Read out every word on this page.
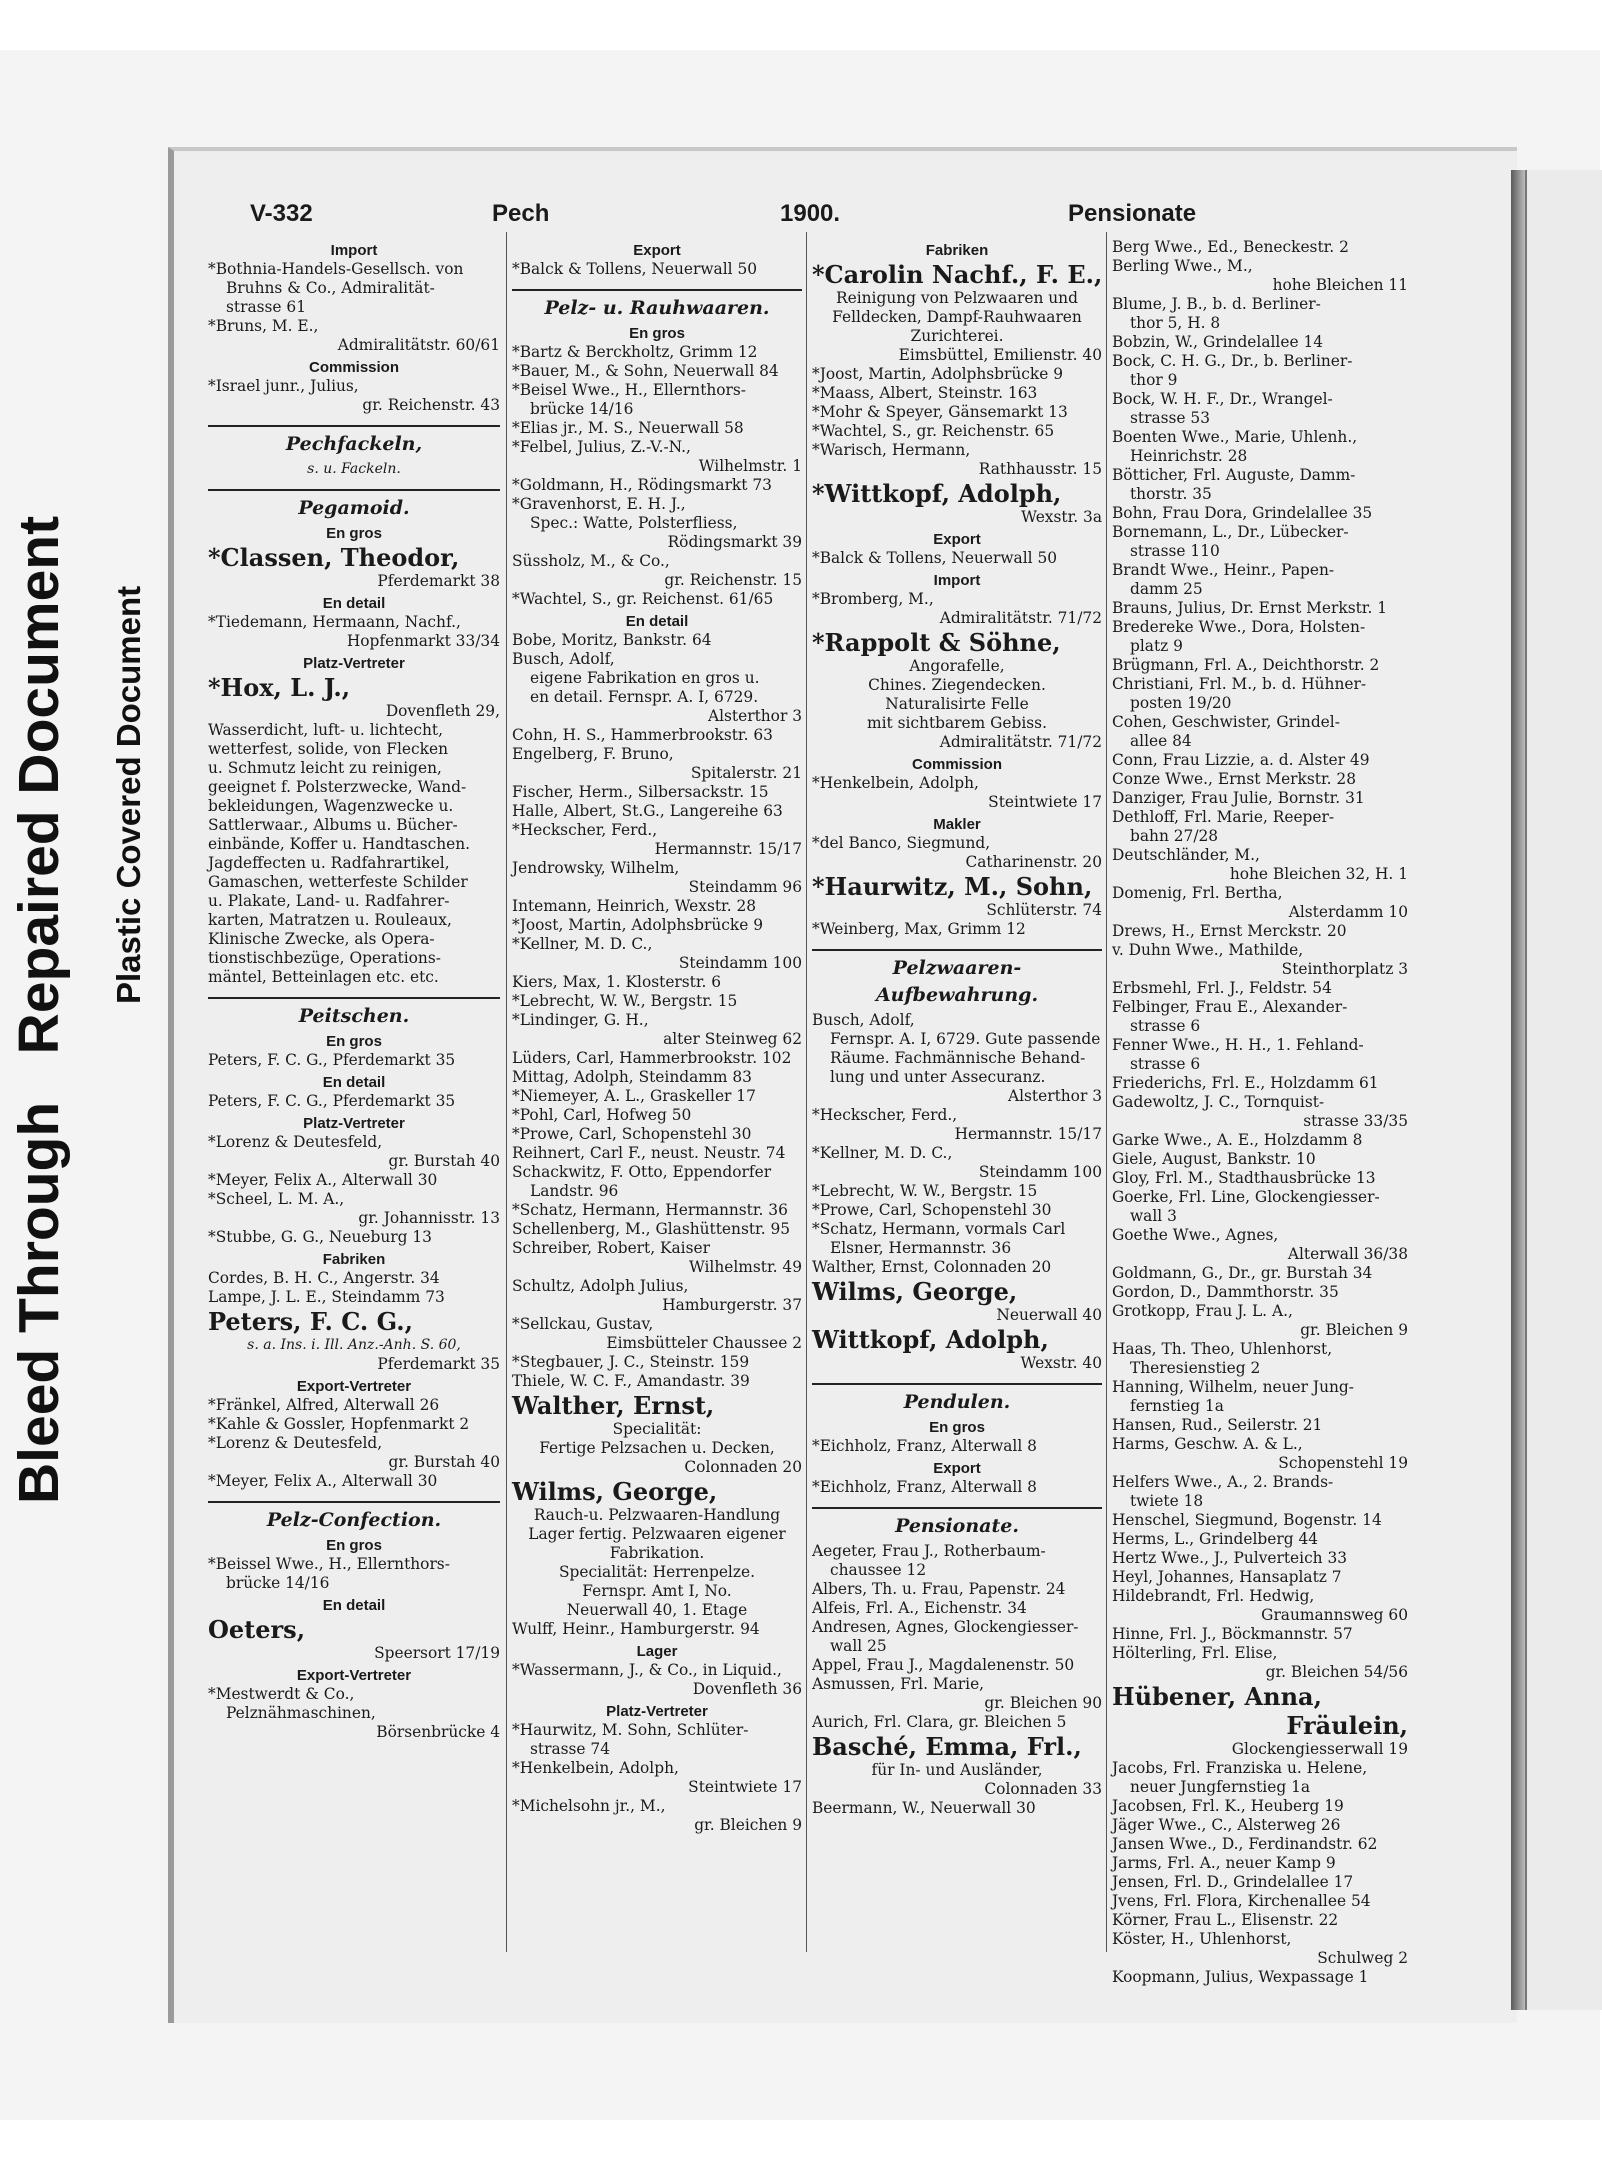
Bleed Through   Repaired Document Plastic Covered Document
V-332	Pech	1900.	Pensionate
Import
*Bothnia-Handels-Gesellsch. von
Bruhns & Co., Admiralität-
strasse 61
*Bruns, M. E.,
Admiralitätstr. 60/61
Commission
*Israel junr., Julius,
gr. Reichenstr. 43
Pechfackeln,
s. u. Fackeln.
Pegamoid.
En gros
*Classen, Theodor,
Pferdemarkt 38
En detail
*Tiedemann, Hermaann, Nachf.,
Hopfenmarkt 33/34
Platz-Vertreter
*Hox, L. J.,
Dovenfleth 29,
Wasserdicht, luft- u. lichtecht,
wetterfest, solide, von Flecken
u. Schmutz leicht zu reinigen,
geeignet f. Polsterzwecke, Wand-
bekleidungen, Wagenzwecke u.
Sattlerwaar., Albums u. Bücher-
einbände, Koffer u. Handtaschen.
Jagdeffecten u. Radfahrartikel,
Gamaschen, wetterfeste Schilder
u. Plakate, Land- u. Radfahrer-
karten, Matratzen u. Rouleaux,
Klinische Zwecke, als Opera-
tionstischbezüge, Operations-
mäntel, Betteinlagen etc. etc.
Peitschen.
En gros
Peters, F. C. G., Pferdemarkt 35
En detail
Peters, F. C. G., Pferdemarkt 35
Platz-Vertreter
*Lorenz & Deutesfeld,
gr. Burstah 40
*Meyer, Felix A., Alterwall 30
*Scheel, L. M. A.,
gr. Johannisstr. 13
*Stubbe, G. G., Neueburg 13
Fabriken
Cordes, B. H. C., Angerstr. 34
Lampe, J. L. E., Steindamm 73
Peters, F. C. G.,
s. a. Ins. i. Ill. Anz.-Anh. S. 60,
Pferdemarkt 35
Export-Vertreter
*Fränkel, Alfred, Alterwall 26
*Kahle & Gossler, Hopfenmarkt 2
*Lorenz & Deutesfeld,
gr. Burstah 40
*Meyer, Felix A., Alterwall 30
Pelz-Confection.
En gros
*Beissel Wwe., H., Ellernthors-
brücke 14/16
En detail
Oeters,
Speersort 17/19
Export-Vertreter
*Mestwerdt & Co.,
Pelznähmaschinen,
Börsenbrücke 4
Export
*Balck & Tollens, Neuerwall 50
Pelz- u. Rauhwaaren.
En gros
*Bartz & Berckholtz, Grimm 12
*Bauer, M., & Sohn, Neuerwall 84
*Beisel Wwe., H., Ellernthors-
brücke 14/16
*Elias jr., M. S., Neuerwall 58
*Felbel, Julius, Z.-V.-N.,
Wilhelmstr. 1
*Goldmann, H., Rödingsmarkt 73
*Gravenhorst, E. H. J.,
Spec.: Watte, Polsterfliess,
Rödingsmarkt 39
Süssholz, M., & Co.,
gr. Reichenstr. 15
*Wachtel, S., gr. Reichenst. 61/65
En detail
Bobe, Moritz, Bankstr. 64
Busch, Adolf,
eigene Fabrikation en gros u.
en detail. Fernspr. A. I, 6729.
Alsterthor 3
Cohn, H. S., Hammerbrookstr. 63
Engelberg, F. Bruno,
Spitalerstr. 21
Fischer, Herm., Silbersackstr. 15
Halle, Albert, St.G., Langereihe 63
*Heckscher, Ferd.,
Hermannstr. 15/17
Jendrowsky, Wilhelm,
Steindamm 96
Intemann, Heinrich, Wexstr. 28
*Joost, Martin, Adolphsbrücke 9
*Kellner, M. D. C.,
Steindamm 100
Kiers, Max, 1. Klosterstr. 6
*Lebrecht, W. W., Bergstr. 15
*Lindinger, G. H.,
alter Steinweg 62
Lüders, Carl, Hammerbrookstr. 102
Mittag, Adolph, Steindamm 83
*Niemeyer, A. L., Graskeller 17
*Pohl, Carl, Hofweg 50
*Prowe, Carl, Schopenstehl 30
Reihnert, Carl F., neust. Neustr. 74
Schackwitz, F. Otto, Eppendorfer
Landstr. 96
*Schatz, Hermann, Hermannstr. 36
Schellenberg, M., Glashüttenstr. 95
Schreiber, Robert, Kaiser
Wilhelmstr. 49
Schultz, Adolph Julius,
Hamburgerstr. 37
*Sellckau, Gustav,
Eimsbütteler Chaussee 2
*Stegbauer, J. C., Steinstr. 159
Thiele, W. C. F., Amandastr. 39
Walther, Ernst,
Specialität:
Fertige Pelzsachen u. Decken,
Colonnaden 20
Wilms, George,
Rauch-u. Pelzwaaren-Handlung
Lager fertig. Pelzwaaren eigener
Fabrikation.
Specialität: Herrenpelze.
Fernspr. Amt I, No.
Neuerwall 40, 1. Etage
Wulff, Heinr., Hamburgerstr. 94
Lager
*Wassermann, J., & Co., in Liquid.,
Dovenfleth 36
Platz-Vertreter
*Haurwitz, M. Sohn, Schlüter-
strasse 74
*Henkelbein, Adolph,
Steintwiete 17
*Michelsohn jr., M.,
gr. Bleichen 9
Fabriken
*Carolin Nachf., F. E.,
Reinigung von Pelzwaaren und
Felldecken, Dampf-Rauhwaaren
Zurichterei.
Eimsbüttel, Emilienstr. 40
*Joost, Martin, Adolphsbrücke 9
*Maass, Albert, Steinstr. 163
*Mohr & Speyer, Gänsemarkt 13
*Wachtel, S., gr. Reichenstr. 65
*Warisch, Hermann,
Rathhausstr. 15
*Wittkopf, Adolph,
Wexstr. 3a
Export
*Balck & Tollens, Neuerwall 50
Import
*Bromberg, M.,
Admiralitätstr. 71/72
*Rappolt & Söhne,
Angorafelle,
Chines. Ziegendecken.
Naturalisirte Felle
mit sichtbarem Gebiss.
Admiralitätstr. 71/72
Commission
*Henkelbein, Adolph,
Steintwiete 17
Makler
*del Banco, Siegmund,
Catharinenstr. 20
*Haurwitz, M., Sohn,
Schlüterstr. 74
*Weinberg, Max, Grimm 12
Pelzwaaren-
Aufbewahrung.
Busch, Adolf,
Fernspr. A. I, 6729. Gute passende
Räume. Fachmännische Behand-
lung und unter Assecuranz.
Alsterthor 3
*Heckscher, Ferd.,
Hermannstr. 15/17
*Kellner, M. D. C.,
Steindamm 100
*Lebrecht, W. W., Bergstr. 15
*Prowe, Carl, Schopenstehl 30
*Schatz, Hermann, vormals Carl
Elsner, Hermannstr. 36
Walther, Ernst, Colonnaden 20
Wilms, George,
Neuerwall 40
Wittkopf, Adolph,
Wexstr. 40
Pendulen.
En gros
*Eichholz, Franz, Alterwall 8
Export
*Eichholz, Franz, Alterwall 8
Pensionate.
Aegeter, Frau J., Rotherbaum-
chaussee 12
Albers, Th. u. Frau, Papenstr. 24
Alfeis, Frl. A., Eichenstr. 34
Andresen, Agnes, Glockengiesser-
wall 25
Appel, Frau J., Magdalenenstr. 50
Asmussen, Frl. Marie,
gr. Bleichen 90
Aurich, Frl. Clara, gr. Bleichen 5
Basché, Emma, Frl.,
für In- und Ausländer,
Colonnaden 33
Beermann, W., Neuerwall 30
Berg Wwe., Ed., Beneckestr. 2
Berling Wwe., M.,
hohe Bleichen 11
Blume, J. B., b. d. Berliner-
thor 5, H. 8
Bobzin, W., Grindelallee 14
Bock, C. H. G., Dr., b. Berliner-
thor 9
Bock, W. H. F., Dr., Wrangel-
strasse 53
Boenten Wwe., Marie, Uhlenh.,
Heinrichstr. 28
Bötticher, Frl. Auguste, Damm-
thorstr. 35
Bohn, Frau Dora, Grindelallee 35
Bornemann, L., Dr., Lübecker-
strasse 110
Brandt Wwe., Heinr., Papen-
damm 25
Brauns, Julius, Dr. Ernst Merkstr. 1
Bredereke Wwe., Dora, Holsten-
platz 9
Brügmann, Frl. A., Deichthorstr. 2
Christiani, Frl. M., b. d. Hühner-
posten 19/20
Cohen, Geschwister, Grindel-
allee 84
Conn, Frau Lizzie, a. d. Alster 49
Conze Wwe., Ernst Merkstr. 28
Danziger, Frau Julie, Bornstr. 31
Dethloff, Frl. Marie, Reeper-
bahn 27/28
Deutschländer, M.,
hohe Bleichen 32, H. 1
Domenig, Frl. Bertha,
Alsterdamm 10
Drews, H., Ernst Merckstr. 20
v. Duhn Wwe., Mathilde,
Steinthorplatz 3
Erbsmehl, Frl. J., Feldstr. 54
Felbinger, Frau E., Alexander-
strasse 6
Fenner Wwe., H. H., 1. Fehland-
strasse 6
Friederichs, Frl. E., Holzdamm 61
Gadewoltz, J. C., Tornquist-
strasse 33/35
Garke Wwe., A. E., Holzdamm 8
Giele, August, Bankstr. 10
Gloy, Frl. M., Stadthausbrücke 13
Goerke, Frl. Line, Glockengiesser-
wall 3
Goethe Wwe., Agnes,
Alterwall 36/38
Goldmann, G., Dr., gr. Burstah 34
Gordon, D., Dammthorstr. 35
Grotkopp, Frau J. L. A.,
gr. Bleichen 9
Haas, Th. Theo, Uhlenhorst,
Theresienstieg 2
Hanning, Wilhelm, neuer Jung-
fernstieg 1a
Hansen, Rud., Seilerstr. 21
Harms, Geschw. A. & L.,
Schopenstehl 19
Helfers Wwe., A., 2. Brands-
twiete 18
Henschel, Siegmund, Bogenstr. 14
Herms, L., Grindelberg 44
Hertz Wwe., J., Pulverteich 33
Heyl, Johannes, Hansaplatz 7
Hildebrandt, Frl. Hedwig,
Graumannsweg 60
Hinne, Frl. J., Böckmannstr. 57
Hölterling, Frl. Elise,
gr. Bleichen 54/56
Hübener, Anna,
Fräulein,
Glockengiesserwall 19
Jacobs, Frl. Franziska u. Helene,
neuer Jungfernstieg 1a
Jacobsen, Frl. K., Heuberg 19
Jäger Wwe., C., Alsterweg 26
Jansen Wwe., D., Ferdinandstr. 62
Jarms, Frl. A., neuer Kamp 9
Jensen, Frl. D., Grindelallee 17
Jvens, Frl. Flora, Kirchenallee 54
Körner, Frau L., Elisenstr. 22
Köster, H., Uhlenhorst,
Schulweg 2
Koopmann, Julius, Wexpassage 1
